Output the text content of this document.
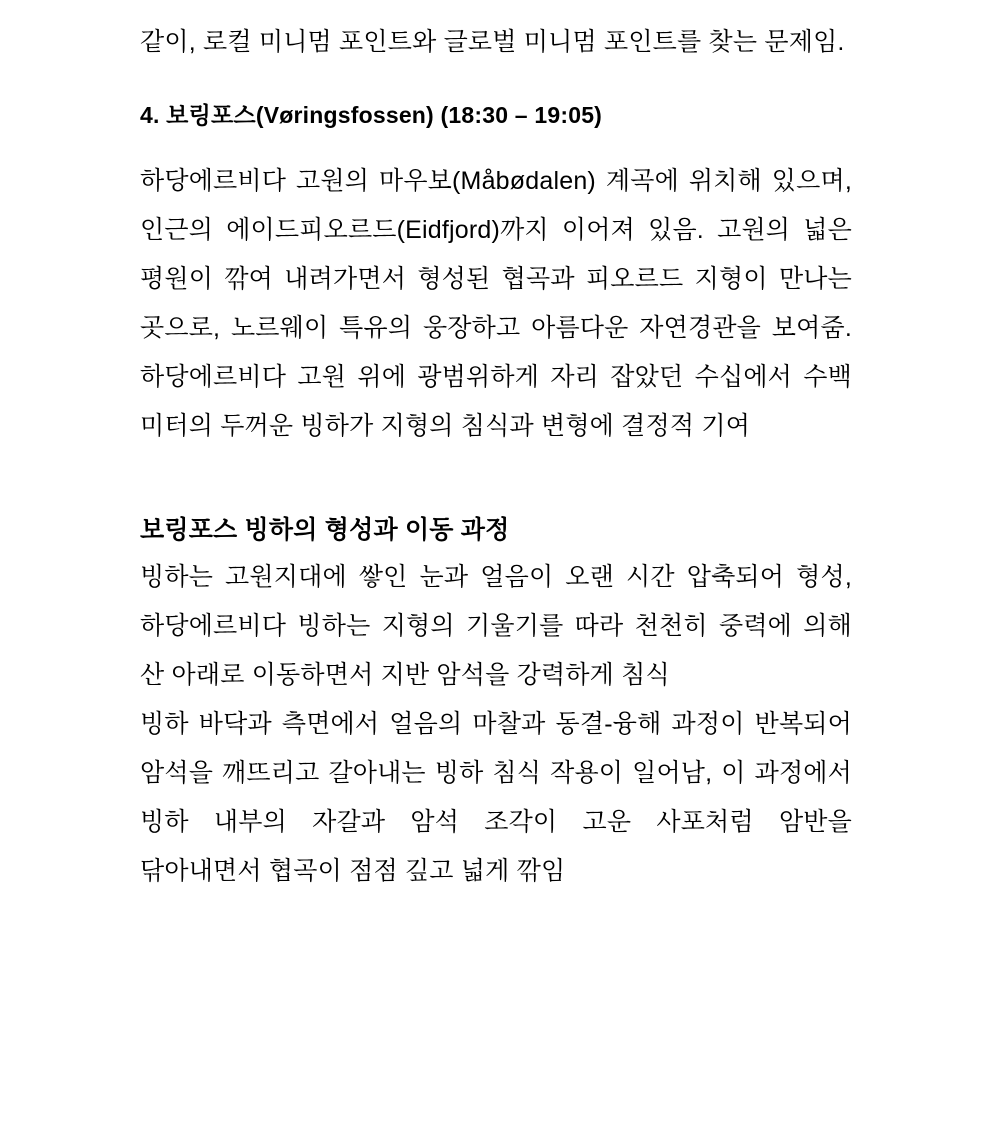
같이, 로컬 미니멈 포인트와 글로벌 미니멈 포인트를 찾는 문제임.

4. 보링포스(Vøringsfossen) (18:30 – 19:05)

하당에르비다 고원의 마우보(Måbødalen) 계곡에 위치해 있으며, 인근의 에이드피오르드(Eidfjord)까지 이어져 있음. 고원의 넓은 평원이 깎여 내려가면서 형성된 협곡과 피오르드 지형이 만나는 곳으로, 노르웨이 특유의 웅장하고 아름다운 자연경관을 보여줌. 하당에르비다 고원 위에 광범위하게 자리 잡았던 수십에서 수백 미터의 두꺼운 빙하가 지형의 침식과 변형에 결정적 기여

보링포스 빙하의 형성과 이동 과정

빙하는 고원지대에 쌓인 눈과 얼음이 오랜 시간 압축되어 형성, 하당에르비다 빙하는 지형의 기울기를 따라 천천히 중력에 의해 산 아래로 이동하면서 지반 암석을 강력하게 침식

빙하 바닥과 측면에서 얼음의 마찰과 동결-융해 과정이 반복되어 암석을 깨뜨리고 갈아내는 빙하 침식 작용이 일어남, 이 과정에서 빙하 내부의 자갈과 암석 조각이 고운 사포처럼 암반을 닦아내면서 협곡이 점점 깊고 넓게 깎임
